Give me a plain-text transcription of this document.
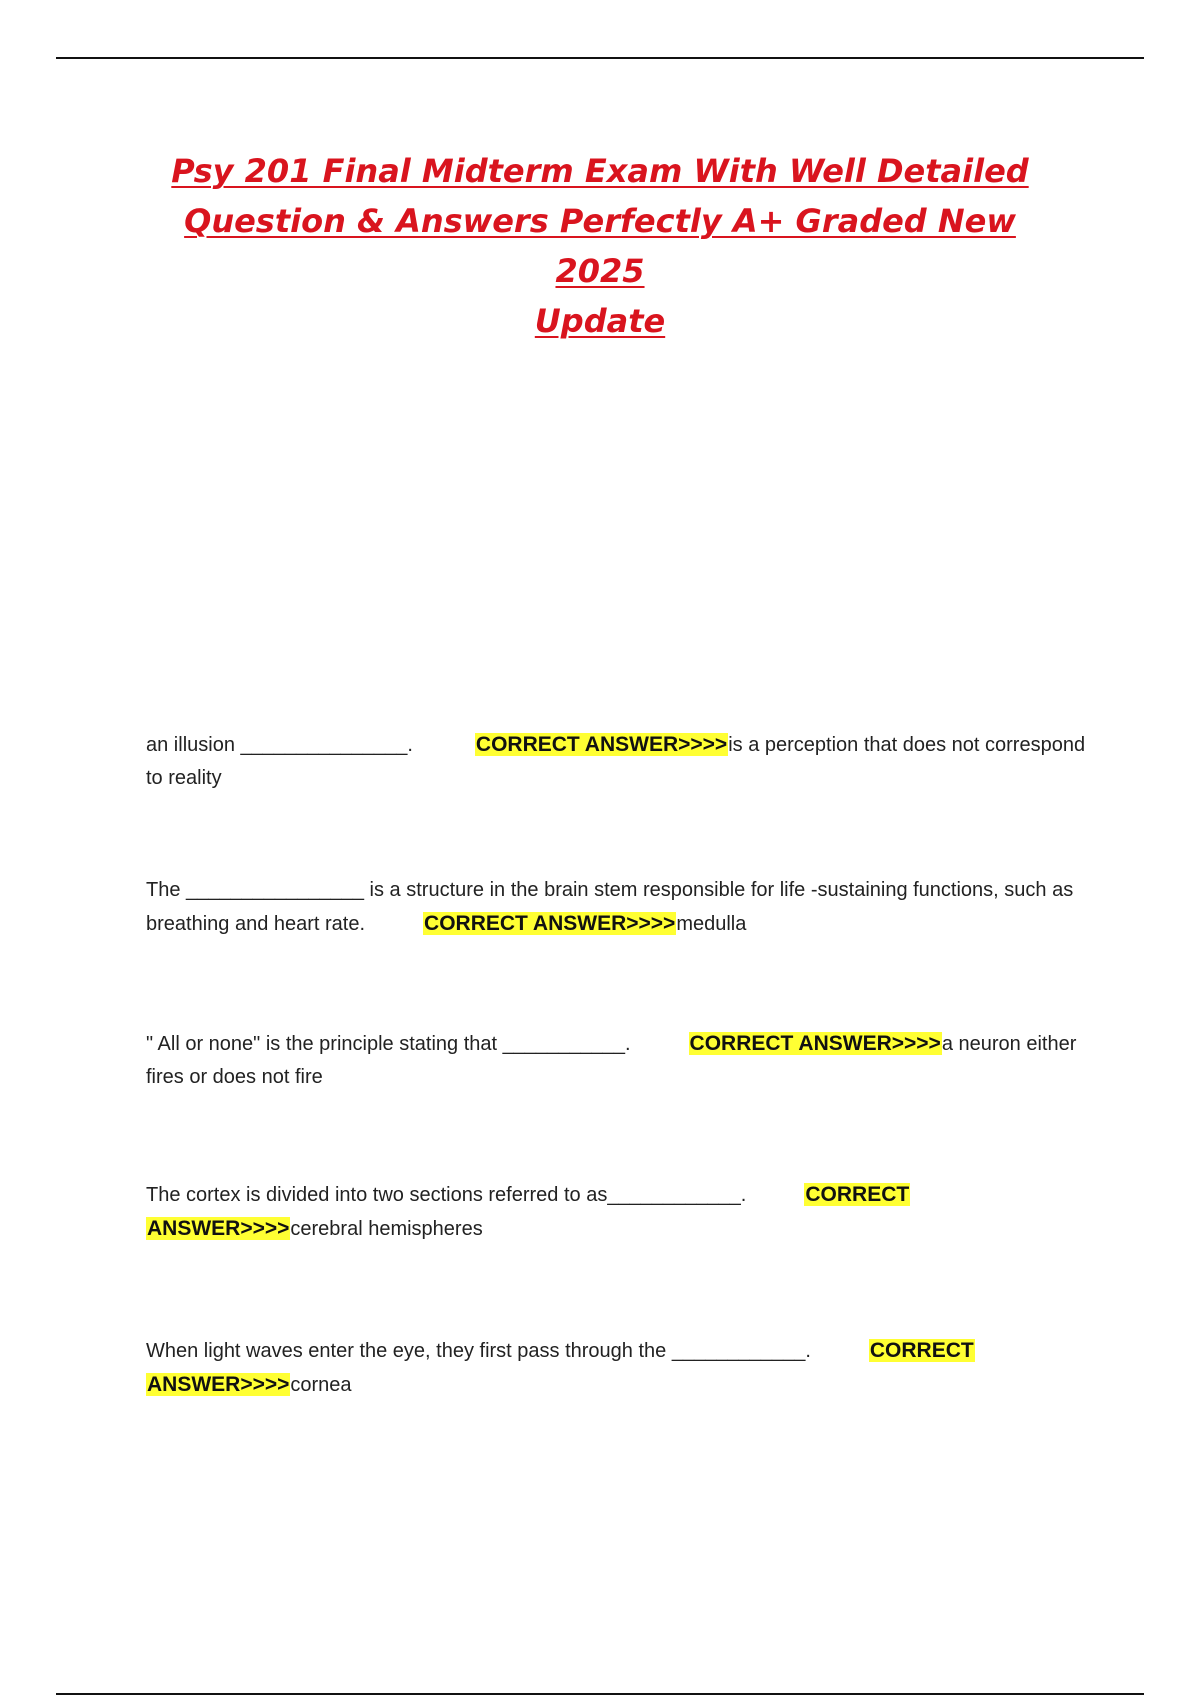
Psy 201 Final Midterm Exam With Well Detailed
Question & Answers Perfectly A+ Graded New 2025
Update

an illusion _______________.	CORRECT ANSWER>>>>is a perception that does not correspond to reality

The ________________ is a structure in the brain stem responsible for life -sustaining functions, such as breathing and heart rate.	CORRECT ANSWER>>>>medulla

" All or none" is the principle stating that ___________.	CORRECT ANSWER>>>>a neuron either fires or does not fire

The cortex is divided into two sections referred to as____________.	CORRECT
ANSWER>>>>cerebral hemispheres

When light waves enter the eye, they first pass through the ____________.	CORRECT
ANSWER>>>>cornea
